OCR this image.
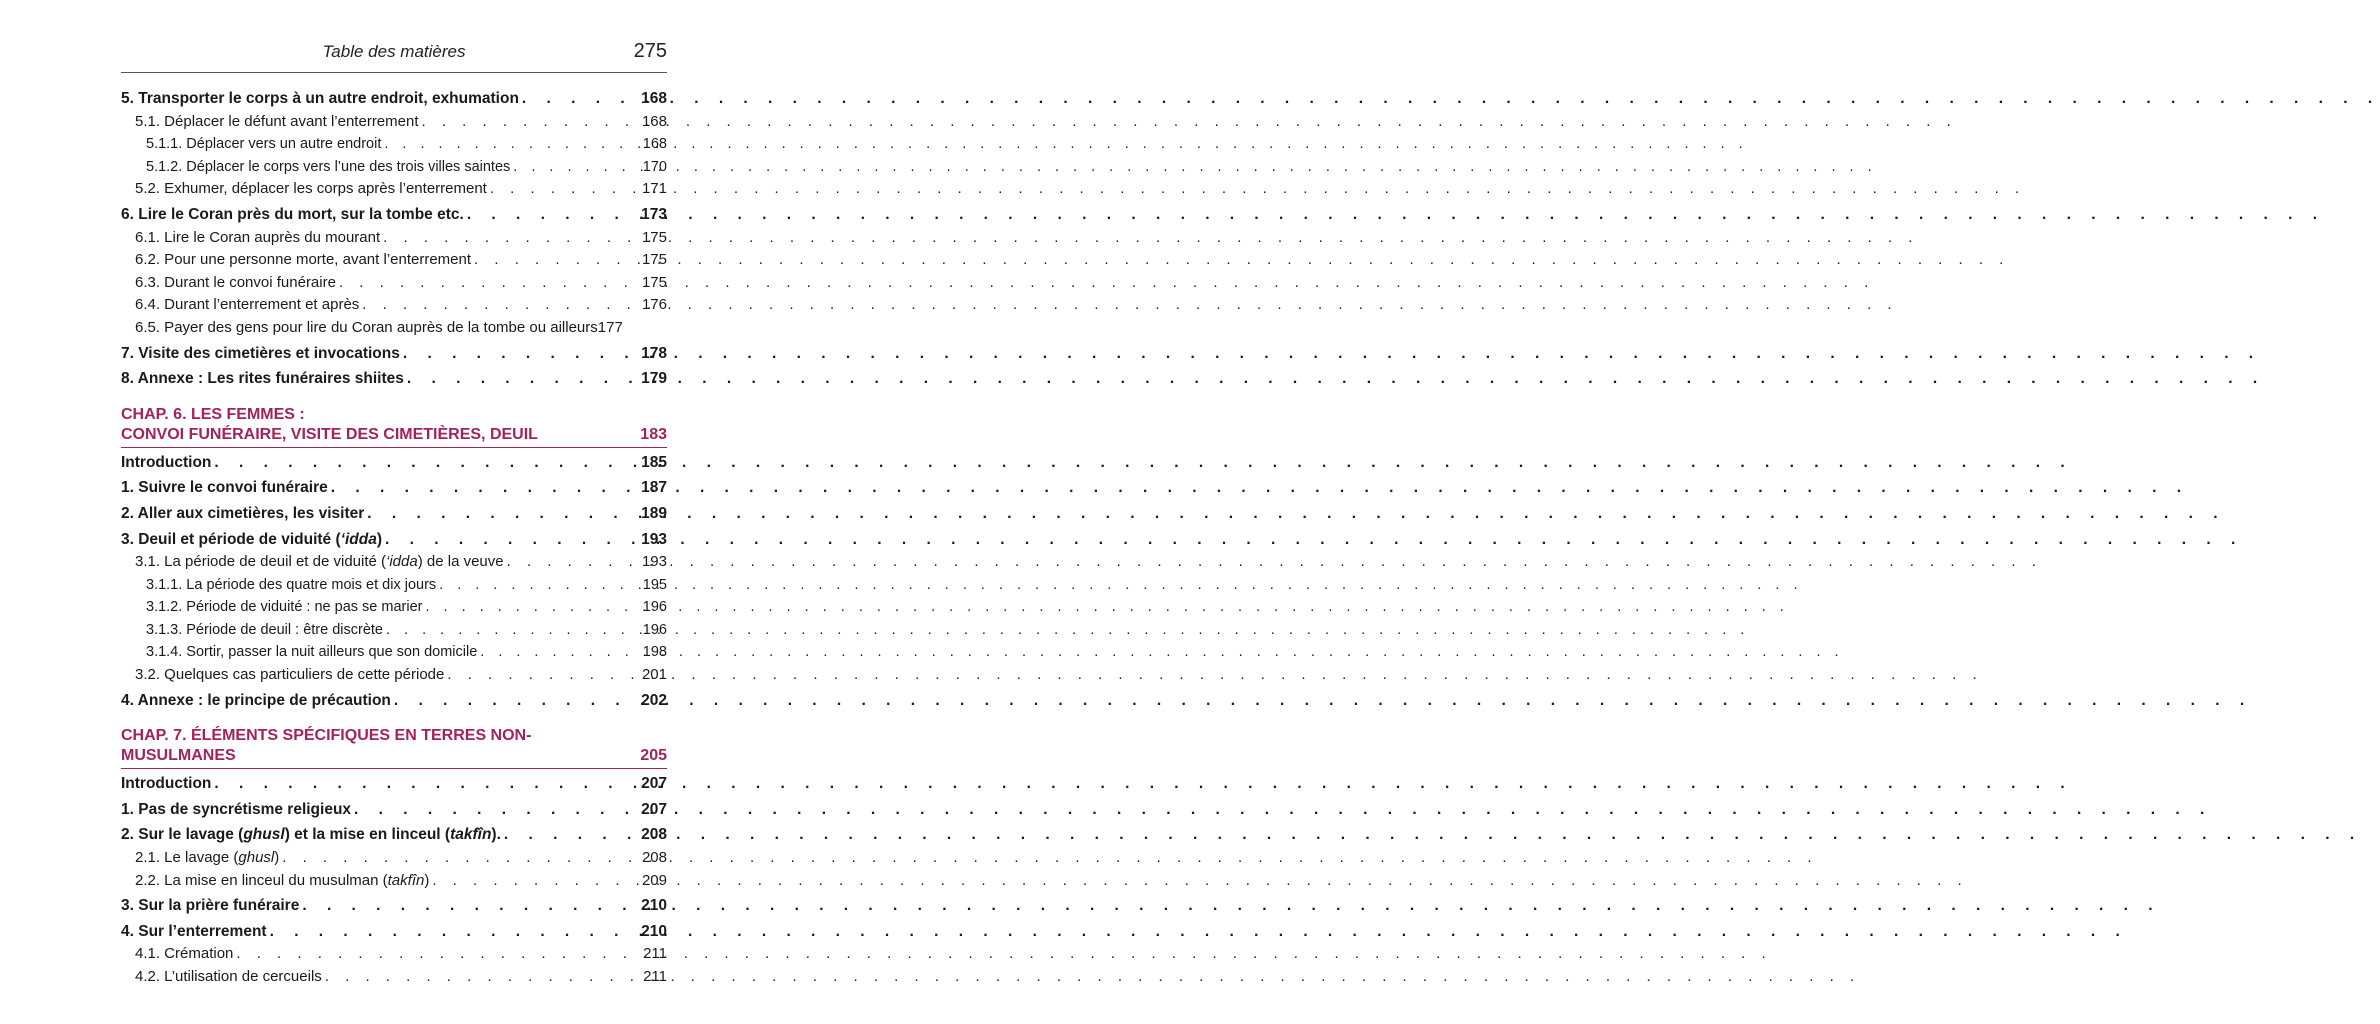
Table des matières	275
5. Transporter le corps à un autre endroit, exhumation . . .	168
5.1. Déplacer le défunt avant l’enterrement . . .	168
5.1.1. Déplacer vers un autre endroit . . .	168
5.1.2. Déplacer le corps vers l’une des trois villes saintes . . .	170
5.2. Exhumer, déplacer les corps après l’enterrement . . .	171
6. Lire le Coran près du mort, sur la tombe etc. . . .	173
6.1. Lire le Coran auprès du mourant . . .	175
6.2. Pour une personne morte, avant l’enterrement . . .	175
6.3. Durant le convoi funéraire . . .	175
6.4. Durant l’enterrement et après . . .	176
6.5. Payer des gens pour lire du Coran auprès de la tombe ou ailleurs 177
7. Visite des cimetières et invocations . . .	178
8. Annexe : Les rites funéraires shiites . . .	179
CHAP. 6. LES FEMMES :
CONVOI FUNÉRAIRE, VISITE DES CIMETIÈRES, DEUIL	183
Introduction . . .	185
1. Suivre le convoi funéraire . . .	187
2. Aller aux cimetières, les visiter . . .	189
3. Deuil et période de viduité (‘idda) . . .	193
3.1. La période de deuil et de viduité (‘idda) de la veuve . . .	193
3.1.1. La période des quatre mois et dix jours . . .	195
3.1.2. Période de viduité : ne pas se marier . . .	196
3.1.3. Période de deuil : être discrète . . .	196
3.1.4. Sortir, passer la nuit ailleurs que son domicile . . .	198
3.2. Quelques cas particuliers de cette période . . .	201
4. Annexe : le principe de précaution . . .	202
CHAP. 7. ÉLÉMENTS SPÉCIFIQUES EN TERRES NON-
MUSULMANES	205
Introduction . . .	207
1. Pas de syncrétisme religieux . . .	207
2. Sur le lavage (ghusl) et la mise en linceul (takfîn). . . .	208
2.1. Le lavage (ghusl) . . .	208
2.2. La mise en linceul du musulman (takfîn) . . .	209
3. Sur la prière funéraire . . .	210
4. Sur l’enterrement . . .	210
4.1. Crémation . . .	211
4.2. L’utilisation de cercueils . . .	211
